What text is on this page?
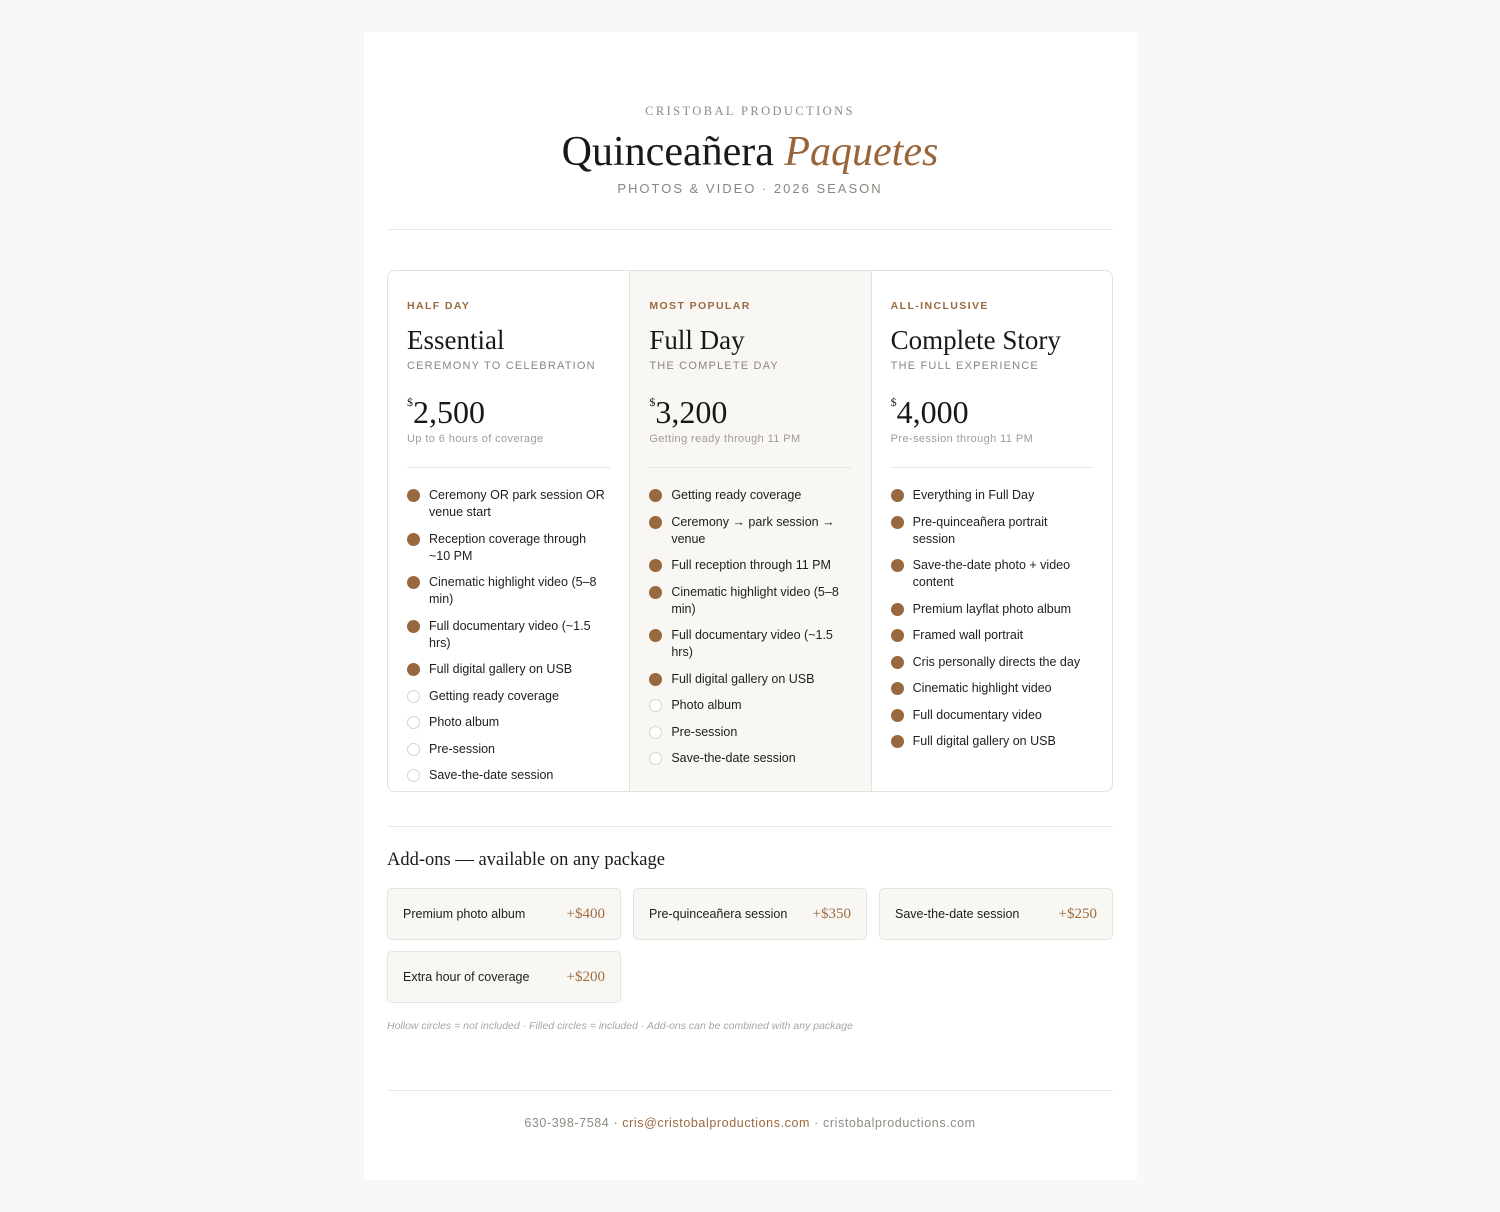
CRISTOBAL PRODUCTIONS
Quinceañera Paquetes
PHOTOS & VIDEO · 2026 SEASON
HALF DAY
Essential
CEREMONY TO CELEBRATION
$2,500
Up to 6 hours of coverage
Ceremony OR park session OR venue start
Reception coverage through ~10 PM
Cinematic highlight video (5–8 min)
Full documentary video (~1.5 hrs)
Full digital gallery on USB
Getting ready coverage
Photo album
Pre-session
Save-the-date session
MOST POPULAR
Full Day
THE COMPLETE DAY
$3,200
Getting ready through 11 PM
Getting ready coverage
Ceremony → park session → venue
Full reception through 11 PM
Cinematic highlight video (5–8 min)
Full documentary video (~1.5 hrs)
Full digital gallery on USB
Photo album
Pre-session
Save-the-date session
ALL-INCLUSIVE
Complete Story
THE FULL EXPERIENCE
$4,000
Pre-session through 11 PM
Everything in Full Day
Pre-quinceañera portrait session
Save-the-date photo + video content
Premium layflat photo album
Framed wall portrait
Cris personally directs the day
Cinematic highlight video
Full documentary video
Full digital gallery on USB
Add-ons — available on any package
Premium photo album	+$400	Pre-quinceañera session +$350	Save-the-date session	+$250
Extra hour of coverage +$200
Hollow circles = not included · Filled circles = included · Add-ons can be combined with any package
630-398-7584 · cris@cristobalproductions.com · cristobalproductions.com
